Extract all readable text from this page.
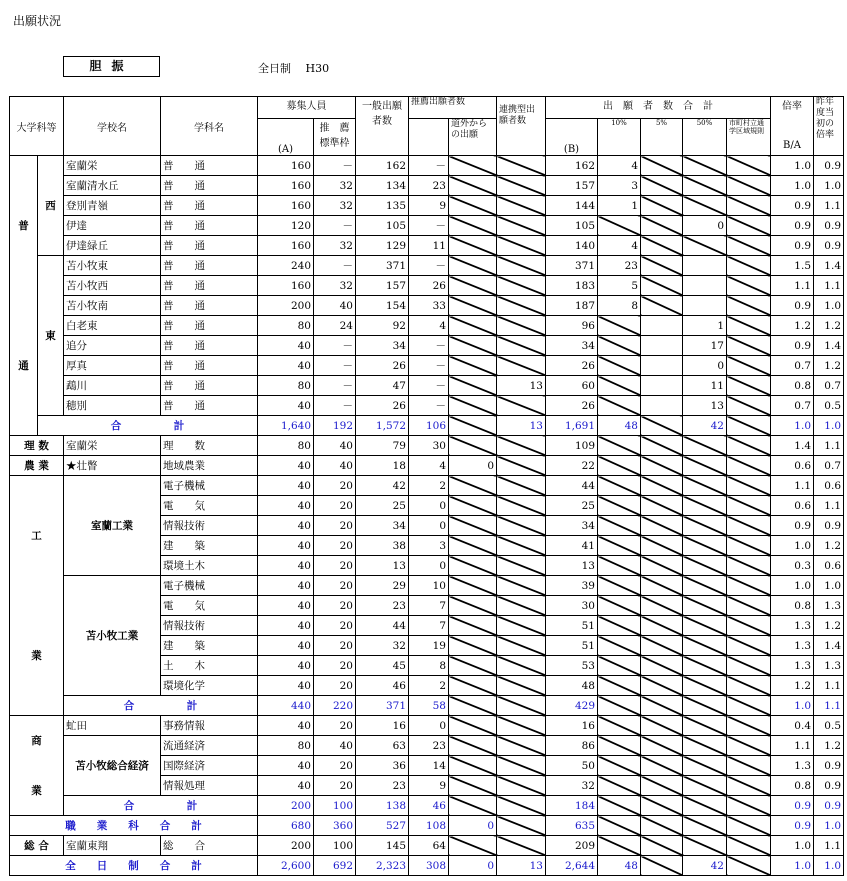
出願状況
胆振	全日制　 H30
大学科等		学校名	学科名	募集人員		一般出願者数	推薦出願者数		連携型出願者数	出　願　者　数　合　計					倍率
B/A	昨年度当初の倍率
				(A)	推　薦標準枠			道外からの出願		(B)	10%	5%	50%	市町村立通学区域規則		

普
通	西	室蘭栄	普　　通	160	－	162	－			162	4				1.0	0.9
		室蘭清水丘	普　　通	160	32	134	23			157	3				1.0	1.0
		登別青嶺	普　　通	160	32	135	9			144	1				0.9	1.1
		伊達	普　　通	120	－	105	－			105			0		0.9	0.9
		伊達緑丘	普　　通	160	32	129	11			140	4				0.9	0.9

	東	苫小牧東	普　　通	240	－	371	－			371	23				1.5	1.4
		苫小牧西	普　　通	160	32	157	26			183	5				1.1	1.1
		苫小牧南	普　　通	200	40	154	33			187	8				0.9	1.0
		白老東	普　　通	80	24	92	4			96			1		1.2	1.2
		追分	普　　通	40	－	34	－			34			17		0.9	1.4
		厚真	普　　通	40	－	26	－			26			0		0.7	1.2
		鵡川	普　　通	80	－	47	－		13	60			11		0.8	0.7
		穂別	普　　通	40	－	26	－			26			13		0.7	0.5
	合　　　　　計			1,640	192	1,572	106		13	1,691	48		42		1.0	1.0
理 数		室蘭栄	理　　数	80	40	79	30			109					1.4	1.1
農 業		★壮瞥	地域農業	40	40	18	4	0		22					0.6	0.7

工
業		室蘭工業	電子機械	40	20	42	2			44					1.1	0.6
			電　　気	40	20	25	0			25					0.6	1.1
			情報技術	40	20	34	0			34					0.9	0.9
			建　　築	40	20	38	3			41					1.0	1.2
			環境土木	40	20	13	0			13					0.3	0.6
		苫小牧工業	電子機械	40	20	29	10			39					1.0	1.0
			電　　気	40	20	23	7			30					0.8	1.3
			情報技術	40	20	44	7			51					1.3	1.2
			建　　築	40	20	32	19			51					1.3	1.4
			土　　木	40	20	45	8			53					1.3	1.3
			環境化学	40	20	46	2			48					1.2	1.1
		合　　　　　計		440	220	371	58			429					1.0	1.1

商
業		虻田	事務情報	40	20	16	0			16					0.4	0.5
		苫小牧総合経済	流通経済	80	40	63	23			86					1.1	1.2
			国際経済	40	20	36	14			50					1.3	0.9
			情報処理	40	20	23	9			32					0.8	0.9
		合　　　　　計		200	100	138	46			184					0.9	0.9
職　　業　　科　　合　　計				680	360	527	108	0		635					0.9	1.0
総 合		室蘭東翔	総　　合	200	100	145	64			209					1.0	1.1
全　　日　　制　　合　　計				2,600	692	2,323	308	0	13	2,644	48		42		1.0	1.0
